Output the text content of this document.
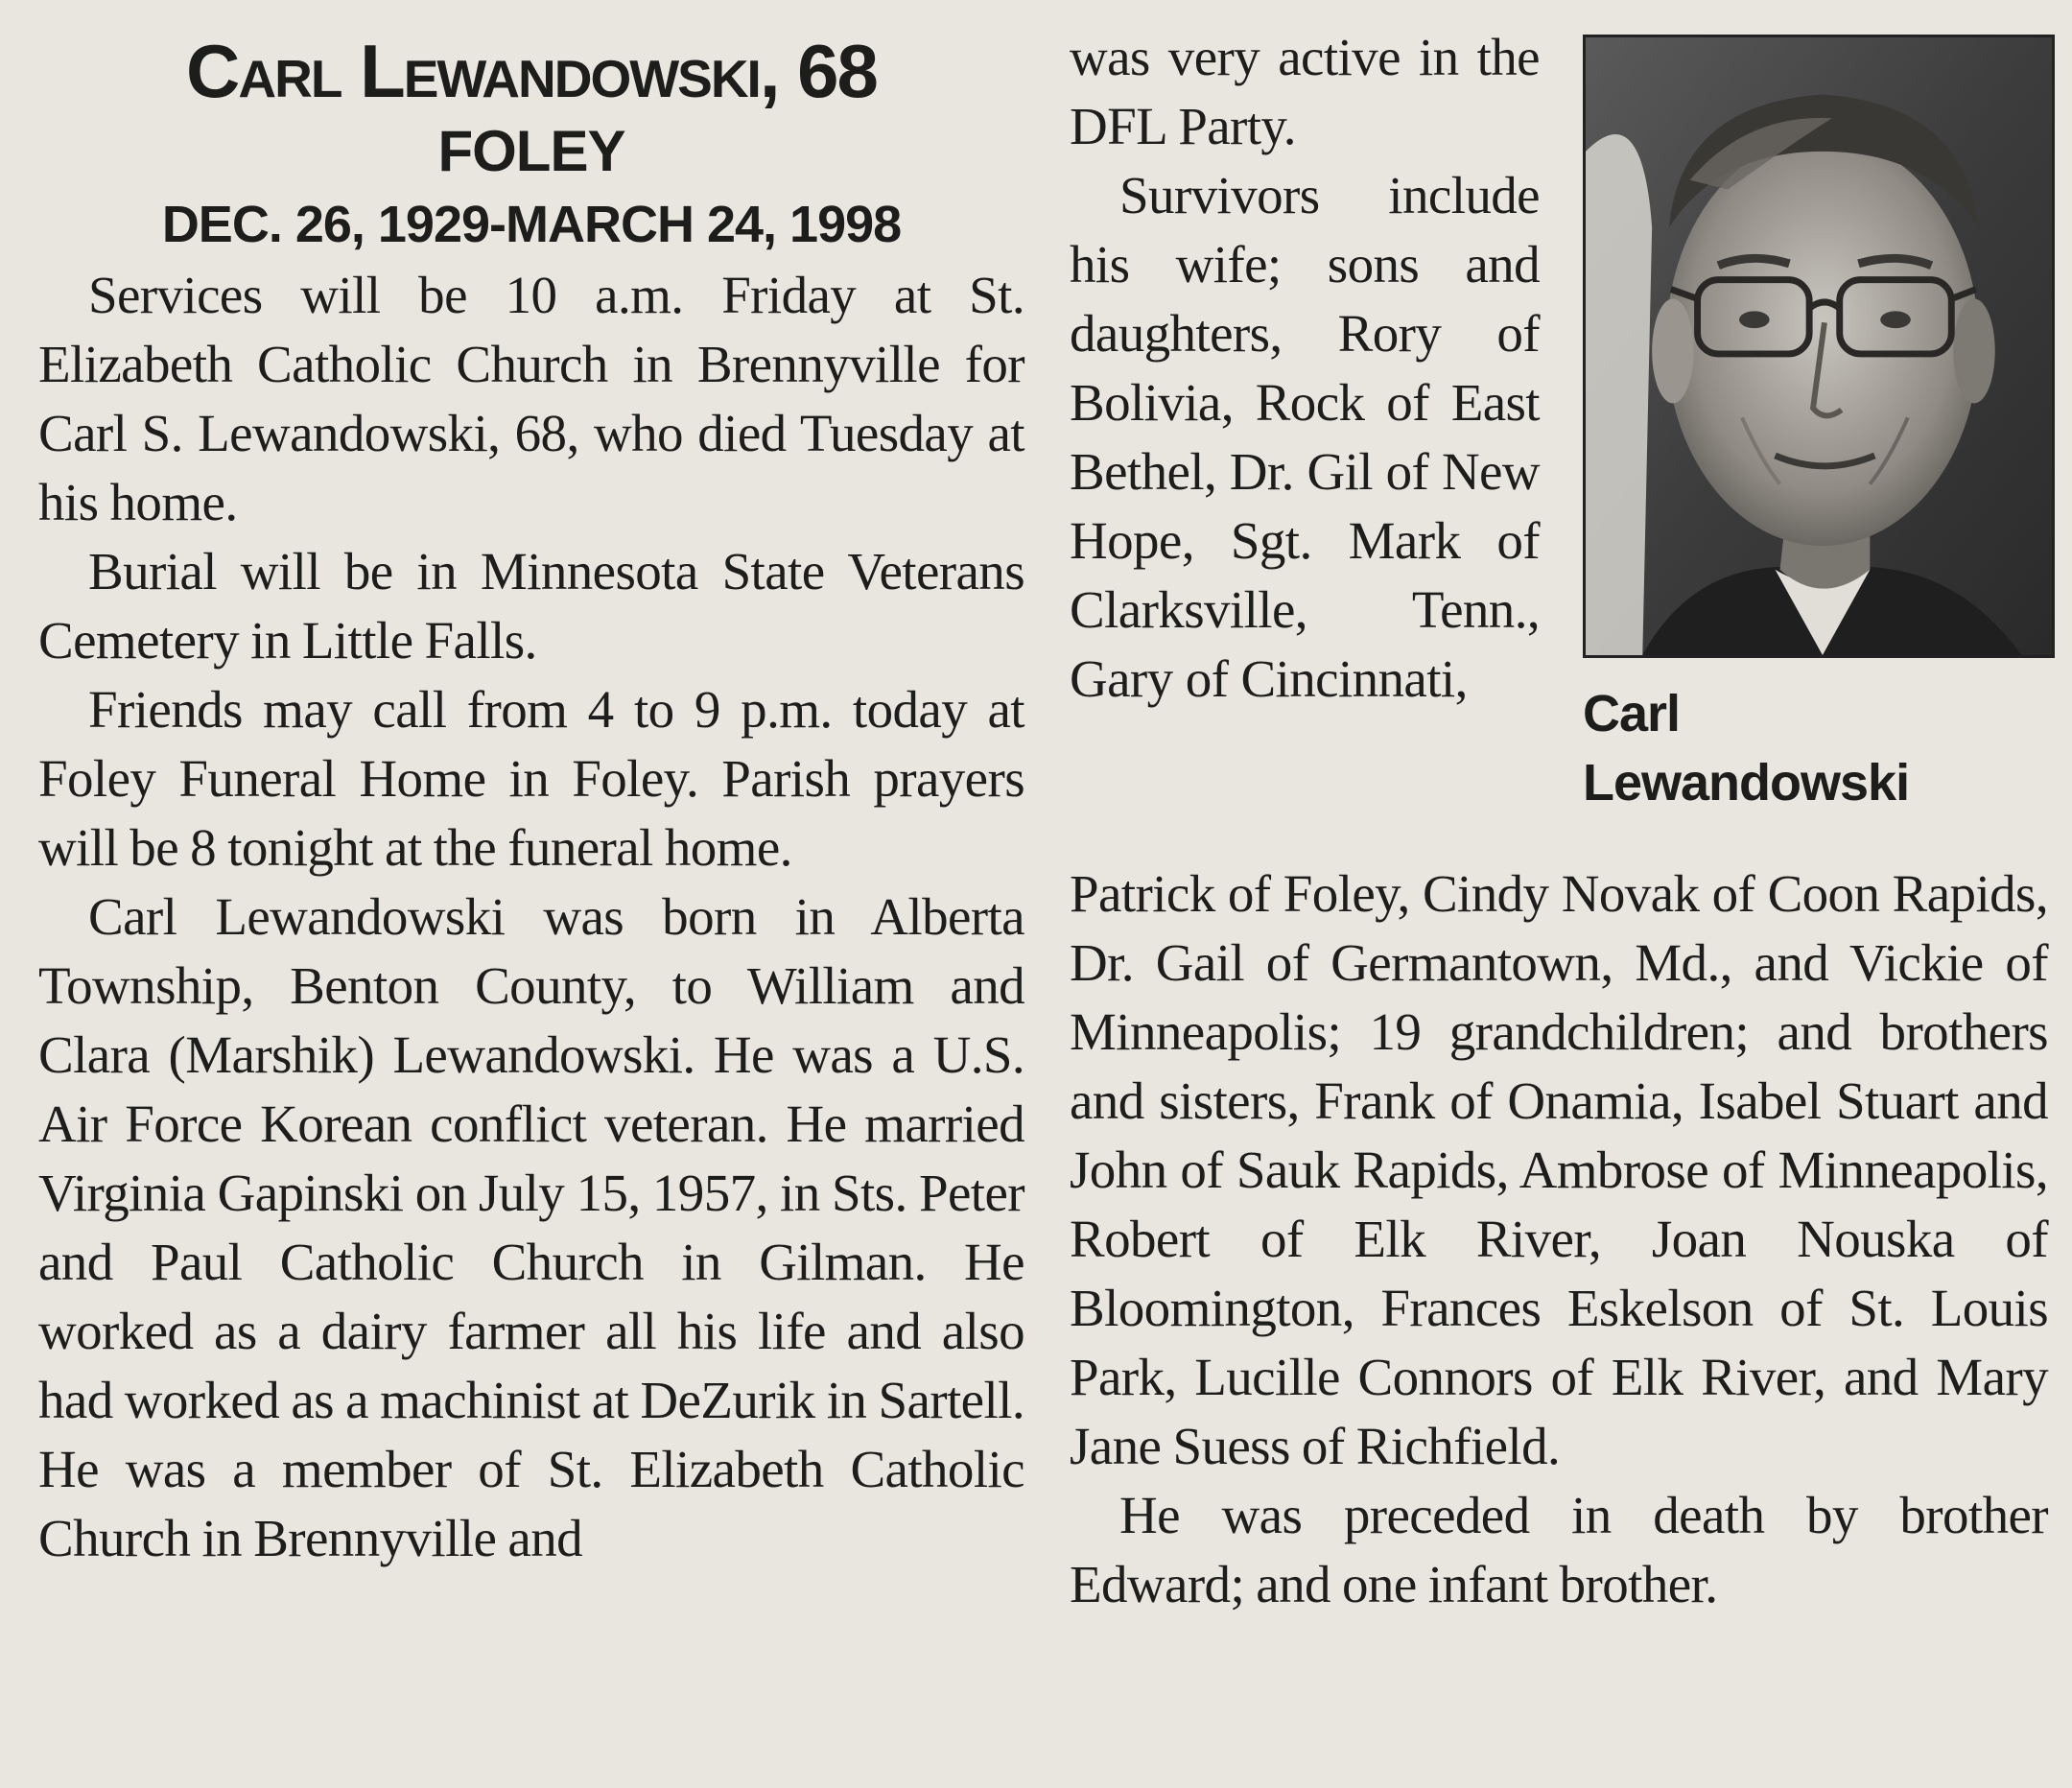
Carl Lewandowski, 68
FOLEY
DEC. 26, 1929-MARCH 24, 1998

Services will be 10 a.m. Friday at St. Elizabeth Catholic Church in Brennyville for Carl S. Lewandowski, 68, who died Tuesday at his home.

Burial will be in Minnesota State Veterans Cemetery in Little Falls.

Friends may call from 4 to 9 p.m. today at Foley Funeral Home in Foley. Parish prayers will be 8 tonight at the funeral home.

Carl Lewandowski was born in Alberta Township, Benton County, to William and Clara (Marshik) Lewandowski. He was a U.S. Air Force Korean conflict veteran. He married Virginia Gapinski on July 15, 1957, in Sts. Peter and Paul Catholic Church in Gilman. He worked as a dairy farmer all his life and also had worked as a machinist at DeZurik in Sartell. He was a member of St. Elizabeth Catholic Church in Brennyville and

was very active in the DFL Party.

Survivors include his wife; sons and daughters, Rory of Bolivia, Rock of East Bethel, Dr. Gil of New Hope, Sgt. Mark of Clarksville, Tenn., Gary of Cincinnati,

Carl
Lewandowski

Patrick of Foley, Cindy Novak of Coon Rapids, Dr. Gail of Germantown, Md., and Vickie of Minneapolis; 19 grandchildren; and brothers and sisters, Frank of Onamia, Isabel Stuart and John of Sauk Rapids, Ambrose of Minneapolis, Robert of Elk River, Joan Nouska of Bloomington, Frances Eskelson of St. Louis Park, Lucille Connors of Elk River, and Mary Jane Suess of Richfield.

He was preceded in death by brother Edward; and one infant brother.
